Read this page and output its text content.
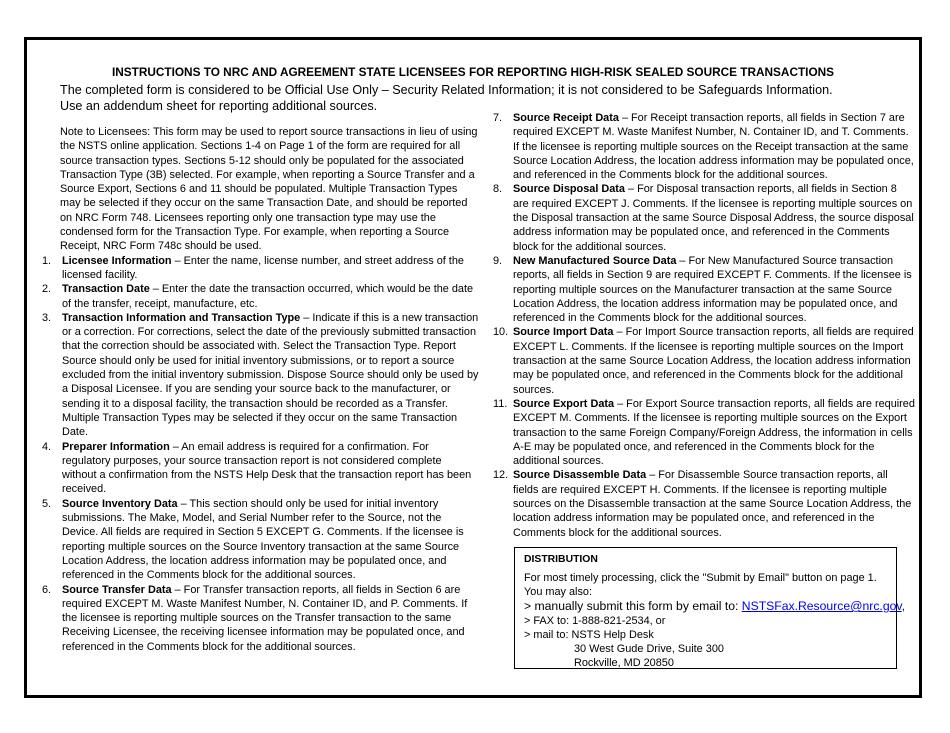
INSTRUCTIONS TO NRC AND AGREEMENT STATE LICENSEES FOR REPORTING HIGH-RISK SEALED SOURCE TRANSACTIONS
The completed form is considered to be Official Use Only – Security Related Information; it is not considered to be Safeguards Information.
Use an addendum sheet for reporting additional sources.

Note to Licensees: This form may be used to report source transactions in lieu of using the NSTS online application. Sections 1-4 on Page 1 of the form are required for all source transaction types. Sections 5-12 should only be populated for the associated Transaction Type (3B) selected. For example, when reporting a Source Transfer and a Source Export, Sections 6 and 11 should be populated. Multiple Transaction Types may be selected if they occur on the same Transaction Date, and should be reported on NRC Form 748. Licensees reporting only one transaction type may use the condensed form for the Transaction Type. For example, when reporting a Source Receipt, NRC Form 748c should be used.

1. Licensee Information – Enter the name, license number, and street address of the licensed facility.
2. Transaction Date – Enter the date the transaction occurred, which would be the date of the transfer, receipt, manufacture, etc.
3. Transaction Information and Transaction Type – Indicate if this is a new transaction or a correction. For corrections, select the date of the previously submitted transaction that the correction should be associated with. Select the Transaction Type. Report Source should only be used for initial inventory submissions, or to report a source excluded from the initial inventory submission. Dispose Source should only be used by a Disposal Licensee. If you are sending your source back to the manufacturer, or sending it to a disposal facility, the transaction should be recorded as a Transfer. Multiple Transaction Types may be selected if they occur on the same Transaction Date.
4. Preparer Information – An email address is required for a confirmation. For regulatory purposes, your source transaction report is not considered complete without a confirmation from the NSTS Help Desk that the transaction report has been received.
5. Source Inventory Data – This section should only be used for initial inventory submissions. The Make, Model, and Serial Number refer to the Source, not the Device. All fields are required in Section 5 EXCEPT G. Comments. If the licensee is reporting multiple sources on the Source Inventory transaction at the same Source Location Address, the location address information may be populated once, and referenced in the Comments block for the additional sources.
6. Source Transfer Data – For Transfer transaction reports, all fields in Section 6 are required EXCEPT M. Waste Manifest Number, N. Container ID, and P. Comments. If the licensee is reporting multiple sources on the Transfer transaction to the same Receiving Licensee, the receiving licensee information may be populated once, and referenced in the Comments block for the additional sources.
7. Source Receipt Data – For Receipt transaction reports, all fields in Section 7 are required EXCEPT M. Waste Manifest Number, N. Container ID, and T. Comments. If the licensee is reporting multiple sources on the Receipt transaction at the same Source Location Address, the location address information may be populated once, and referenced in the Comments block for the additional sources.
8. Source Disposal Data – For Disposal transaction reports, all fields in Section 8 are required EXCEPT J. Comments. If the licensee is reporting multiple sources on the Disposal transaction at the same Source Disposal Address, the source disposal address information may be populated once, and referenced in the Comments block for the additional sources.
9. New Manufactured Source Data – For New Manufactured Source transaction reports, all fields in Section 9 are required EXCEPT F. Comments. If the licensee is reporting multiple sources on the Manufacturer transaction at the same Source Location Address, the location address information may be populated once, and referenced in the Comments block for the additional sources.
10. Source Import Data – For Import Source transaction reports, all fields are required EXCEPT L. Comments. If the licensee is reporting multiple sources on the Import transaction at the same Source Location Address, the location address information may be populated once, and referenced in the Comments block for the additional sources.
11. Source Export Data – For Export Source transaction reports, all fields are required EXCEPT M. Comments. If the licensee is reporting multiple sources on the Export transaction to the same Foreign Company/Foreign Address, the information in cells A-E may be populated once, and referenced in the Comments block for the additional sources.
12. Source Disassemble Data – For Disassemble Source transaction reports, all fields are required EXCEPT H. Comments. If the licensee is reporting multiple sources on the Disassemble transaction at the same Source Location Address, the location address information may be populated once, and referenced in the Comments block for the additional sources.
DISTRIBUTION
For most timely processing, click the "Submit by Email" button on page 1.
You may also:
> manually submit this form by email to: NSTSFax.Resource@nrc.gov,
> FAX to: 1-888-821-2534, or
> mail to: NSTS Help Desk
30 West Gude Drive, Suite 300
Rockville, MD 20850
